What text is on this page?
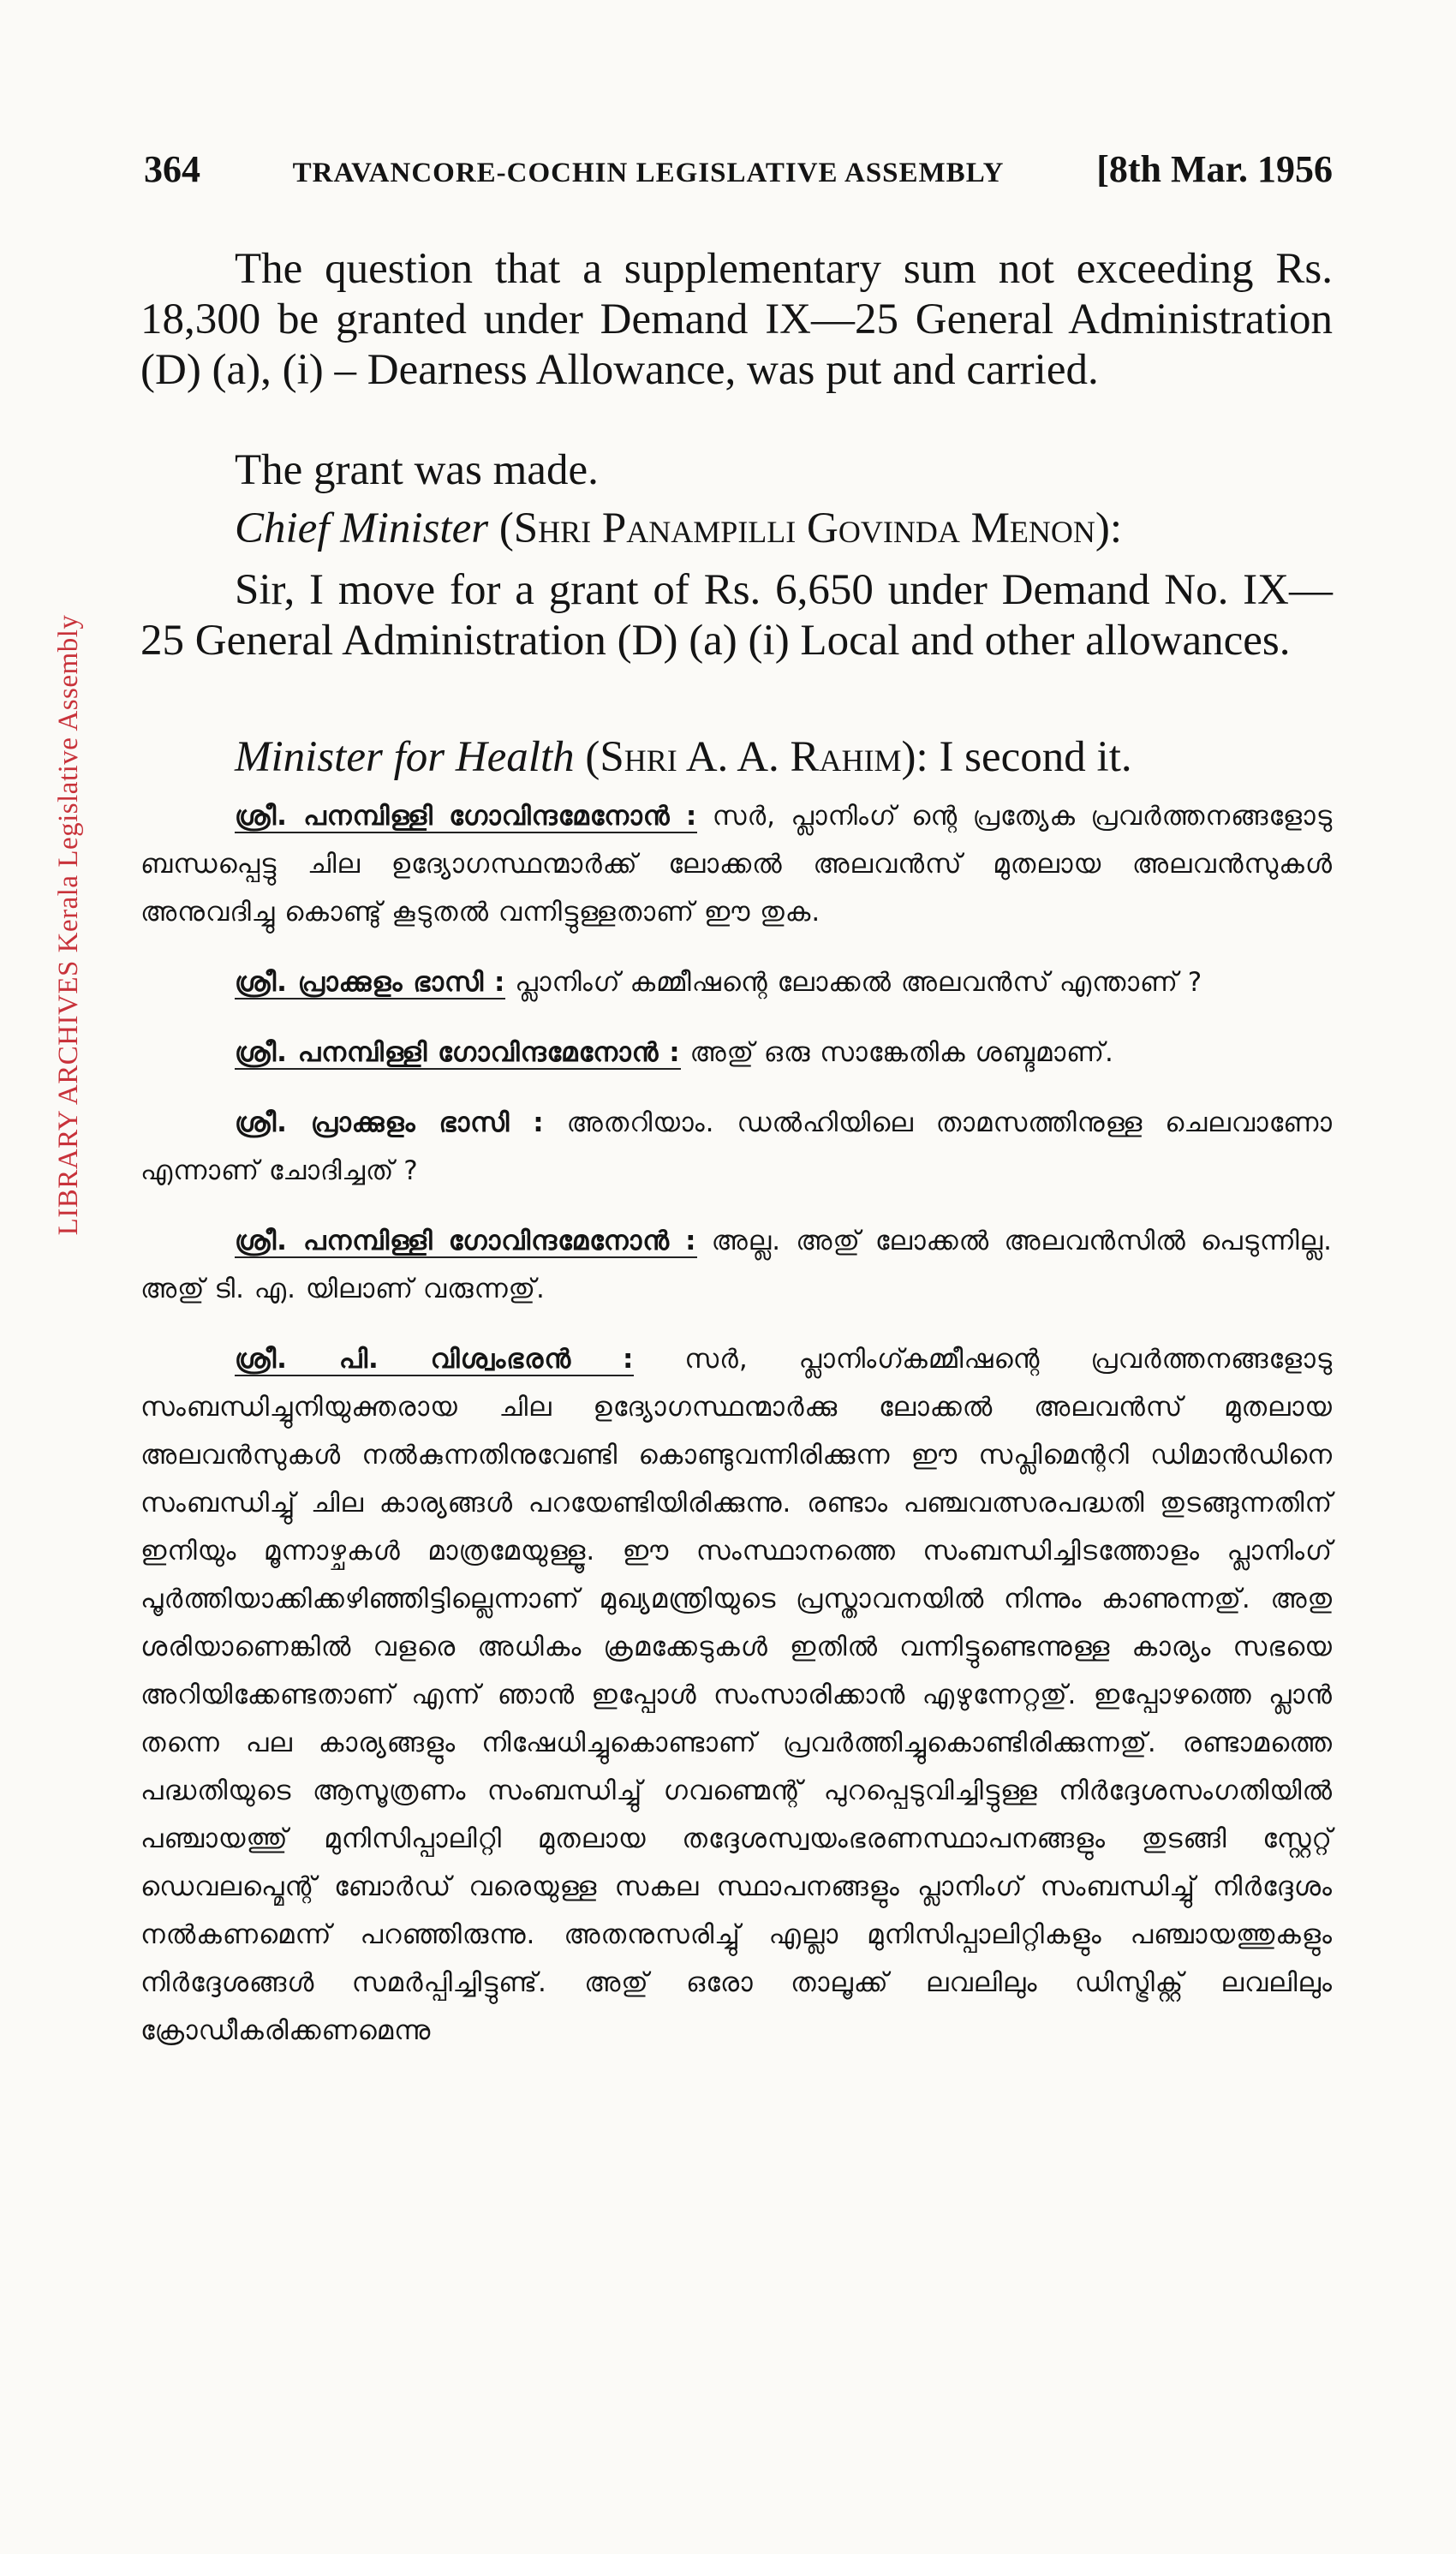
LIBRARY ARCHIVES Kerala Legislative Assembly
364	TRAVANCORE-COCHIN LEGISLATIVE ASSEMBLY [8th Mar. 1956
The question that a supplementary sum not exceeding Rs. 18,300 be granted under Demand IX—25 General Administration (D) (a), (i) – Dearness Allowance, was put and carried.
The grant was made.
Chief Minister (Shri Panampilli Govinda Menon):
Sir, I move for a grant of Rs. 6,650 under Demand No. IX—25 General Administration (D) (a) (i) Local and other allowances.
Minister for Health (Shri A. A. Rahim): I second it.

ശ്രീ. പനമ്പിള്ളി ഗോവിന്ദമേനോൻ : സർ, പ്ലാനിംഗ് ന്റെ പ്രത്യേക പ്രവർത്തനങ്ങളോടു ബന്ധപ്പെട്ടു ചില ഉദ്യോഗസ്ഥന്മാർക്ക് ലോക്കൽ അലവൻസ് മുതലായ അലവൻസുകൾ അനുവദിച്ചു കൊണ്ടു് കൂടുതൽ വന്നിട്ടുള്ളതാണ് ഈ തുക.

ശ്രീ. പ്രാക്കുളം ഭാസി : പ്ലാനിംഗ് കമ്മീഷന്റെ ലോക്കൽ അലവൻസ് എന്താണ് ?

ശ്രീ. പനമ്പിള്ളി ഗോവിന്ദമേനോൻ : അതു് ഒരു സാങ്കേതിക ശബ്ദമാണ്.

ശ്രീ. പ്രാക്കുളം ഭാസി : അതറിയാം. ഡൽഹിയിലെ താമസത്തിനുള്ള ചെലവാണോ എന്നാണ് ചോദിച്ചത് ?

ശ്രീ. പനമ്പിള്ളി ഗോവിന്ദമേനോൻ : അല്ല. അതു് ലോക്കൽ അലവൻസിൽ പെടുന്നില്ല. അതു് ടി. എ. യിലാണ് വരുന്നതു്.

ശ്രീ. പി. വിശ്വംഭരൻ : സർ, പ്ലാനിംഗ്കമ്മീഷന്റെ പ്രവർത്തനങ്ങളോടു സംബന്ധിച്ചുനിയുക്തരായ ചില ഉദ്യോഗസ്ഥന്മാർക്കു ലോക്കൽ അലവൻസ് മുതലായ അലവൻസുകൾ നൽകുന്നതിനുവേണ്ടി കൊണ്ടുവന്നിരിക്കുന്ന ഈ സപ്ലിമെന്ററി ഡിമാൻഡിനെ സംബന്ധിച്ചു് ചില കാര്യങ്ങൾ പറയേണ്ടിയിരിക്കുന്നു. രണ്ടാം പഞ്ചവത്സരപദ്ധതി തുടങ്ങുന്നതിന് ഇനിയും മൂന്നാഴ്ചകൾ മാത്രമേയുള്ളൂ. ഈ സംസ്ഥാനത്തെ സംബന്ധിച്ചിടത്തോളം പ്ലാനിംഗ് പൂർത്തിയാക്കിക്കഴിഞ്ഞിട്ടില്ലെന്നാണ് മുഖ്യമന്ത്രിയുടെ പ്രസ്താവനയിൽ നിന്നും കാണുന്നതു്. അതു ശരിയാണെങ്കിൽ വളരെ അധികം ക്രമക്കേടുകൾ ഇതിൽ വന്നിട്ടുണ്ടെന്നുള്ള കാര്യം സഭയെ അറിയിക്കേണ്ടതാണ് എന്ന് ഞാൻ ഇപ്പോൾ സംസാരിക്കാൻ എഴുന്നേറ്റതു്. ഇപ്പോഴത്തെ പ്ലാൻ തന്നെ പല കാര്യങ്ങളും നിഷേധിച്ചുകൊണ്ടാണ് പ്രവർത്തിച്ചുകൊണ്ടിരിക്കുന്നതു്. രണ്ടാമത്തെ പദ്ധതിയുടെ ആസൂത്രണം സംബന്ധിച്ചു് ഗവണ്മെന്റ് പുറപ്പെടുവിച്ചിട്ടുള്ള നിർദ്ദേശസംഗതിയിൽ പഞ്ചായത്തു് മുനിസിപ്പാലിറ്റി മുതലായ തദ്ദേശസ്വയംഭരണസ്ഥാപനങ്ങളും തുടങ്ങി സ്റ്റേറ്റ് ഡെവലപ്മെന്റ് ബോർഡ് വരെയുള്ള സകല സ്ഥാപനങ്ങളും പ്ലാനിംഗ് സംബന്ധിച്ചു് നിർദ്ദേശം നൽകണമെന്ന് പറഞ്ഞിരുന്നു. അതനുസരിച്ചു് എല്ലാ മുനിസിപ്പാലിറ്റികളും പഞ്ചായത്തുകളും നിർദ്ദേശങ്ങൾ സമർപ്പിച്ചിട്ടുണ്ട്. അതു് ഒരോ താലൂക്ക് ലവലിലും ഡിസ്ട്രിക്റ്റ് ലവലിലും ക്രോഡീകരിക്കണമെന്നു
